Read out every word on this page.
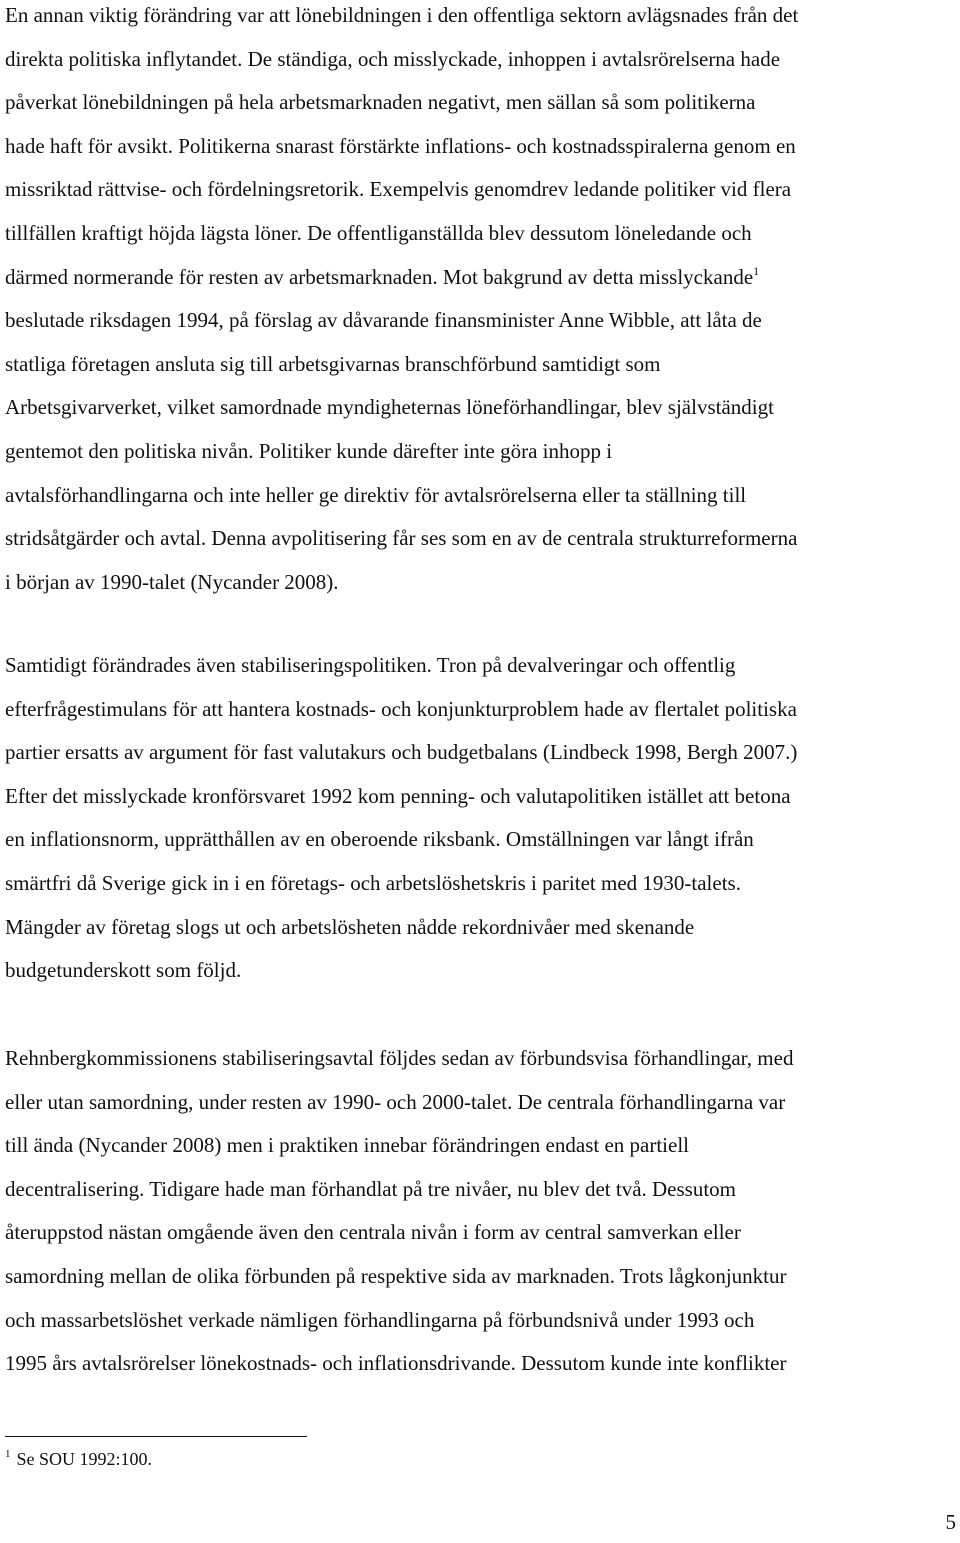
En annan viktig förändring var att lönebildningen i den offentliga sektorn avlägsnades från det
direkta politiska inflytandet. De ständiga, och misslyckade, inhoppen i avtalsrörelserna hade
påverkat lönebildningen på hela arbetsmarknaden negativt, men sällan så som politikerna
hade haft för avsikt. Politikerna snarast förstärkte inflations- och kostnadsspiralerna genom en
missriktad rättvise- och fördelningsretorik. Exempelvis genomdrev ledande politiker vid flera
tillfällen kraftigt höjda lägsta löner. De offentliganställda blev dessutom löneledande och
därmed normerande för resten av arbetsmarknaden. Mot bakgrund av detta misslyckande$^1$
beslutade riksdagen 1994, på förslag av dåvarande finansminister Anne Wibble, att låta de
statliga företagen ansluta sig till arbetsgivarnas branschförbund samtidigt som
Arbetsgivarverket, vilket samordnade myndigheternas löneförhandlingar, blev självständigt
gentemot den politiska nivån. Politiker kunde därefter inte göra inhopp i
avtalsförhandlingarna och inte heller ge direktiv för avtalsrörelserna eller ta ställning till
stridsåtgärder och avtal. Denna avpolitisering får ses som en av de centrala strukturreformerna
i början av 1990-talet (Nycander 2008).
Samtidigt förändrades även stabiliseringspolitiken. Tron på devalveringar och offentlig
efterfrågestimulans för att hantera kostnads- och konjunkturproblem hade av flertalet politiska
partier ersatts av argument för fast valutakurs och budgetbalans (Lindbeck 1998, Bergh 2007.)
Efter det misslyckade kronförsvaret 1992 kom penning- och valutapolitiken istället att betona
en inflationsnorm, upprätthållen av en oberoende riksbank. Omställningen var långt ifrån
smärtfri då Sverige gick in i en företags- och arbetslöshetskris i paritet med 1930-talets.
Mängder av företag slogs ut och arbetslösheten nådde rekordnivåer med skenande
budgetunderskott som följd.
Rehnbergkommissionens stabiliseringsavtal följdes sedan av förbundsvisa förhandlingar, med
eller utan samordning, under resten av 1990- och 2000-talet. De centrala förhandlingarna var
till ända (Nycander 2008) men i praktiken innebar förändringen endast en partiell
decentralisering. Tidigare hade man förhandlat på tre nivåer, nu blev det två. Dessutom
återuppstod nästan omgående även den centrala nivån i form av central samverkan eller
samordning mellan de olika förbunden på respektive sida av marknaden. Trots lågkonjunktur
och massarbetslöshet verkade nämligen förhandlingarna på förbundsnivå under 1993 och
1995 års avtalsrörelser lönekostnads- och inflationsdrivande. Dessutom kunde inte konflikter
$^1$ Se SOU 1992:100.
5
